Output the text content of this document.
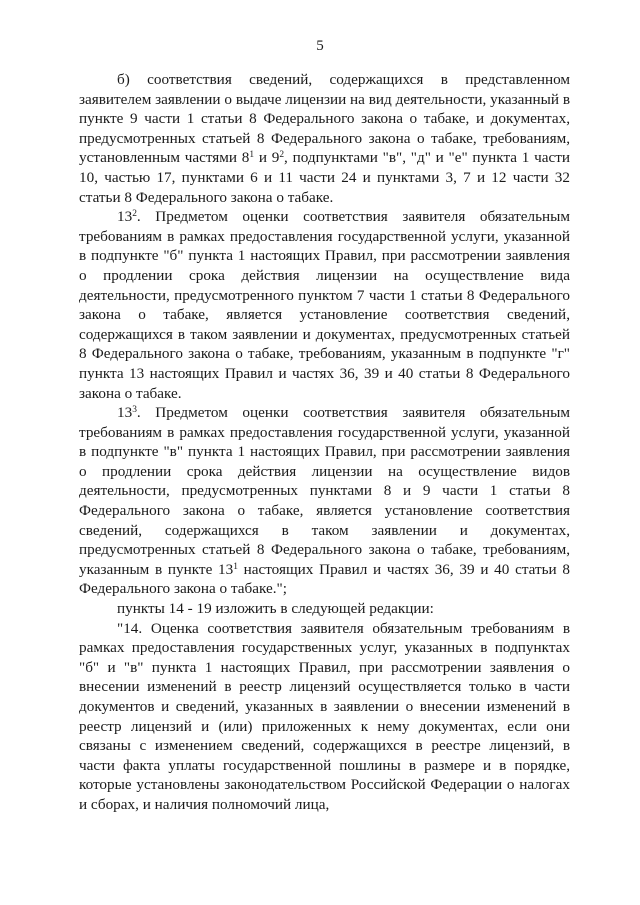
5

б) соответствия сведений, содержащихся в представленном заявителем заявлении о выдаче лицензии на вид деятельности, указанный в пункте 9 части 1 статьи 8 Федерального закона о табаке, и документах, предусмотренных статьей 8 Федерального закона о табаке, требованиям, установленным частями $8^1$ и $9^2$, подпунктами "в", "д" и "е" пункта 1 части 10, частью 17, пунктами 6 и 11 части 24 и пунктами 3, 7 и 12 части 32 статьи 8 Федерального закона о табаке.

$13^2$. Предметом оценки соответствия заявителя обязательным требованиям в рамках предоставления государственной услуги, указанной в подпункте "б" пункта 1 настоящих Правил, при рассмотрении заявления о продлении срока действия лицензии на осуществление вида деятельности, предусмотренного пунктом 7 части 1 статьи 8 Федерального закона о табаке, является установление соответствия сведений, содержащихся в таком заявлении и документах, предусмотренных статьей 8 Федерального закона о табаке, требованиям, указанным в подпункте "г" пункта 13 настоящих Правил и частях 36, 39 и 40 статьи 8 Федерального закона о табаке.

$13^3$. Предметом оценки соответствия заявителя обязательным требованиям в рамках предоставления государственной услуги, указанной в подпункте "в" пункта 1 настоящих Правил, при рассмотрении заявления о продлении срока действия лицензии на осуществление видов деятельности, предусмотренных пунктами 8 и 9 части 1 статьи 8 Федерального закона о табаке, является установление соответствия сведений, содержащихся в таком заявлении и документах, предусмотренных статьей 8 Федерального закона о табаке, требованиям, указанным в пункте $13^1$ настоящих Правил и частях 36, 39 и 40 статьи 8 Федерального закона о табаке.";

пункты 14 - 19 изложить в следующей редакции:

"14. Оценка соответствия заявителя обязательным требованиям в рамках предоставления государственных услуг, указанных в подпунктах "б" и "в" пункта 1 настоящих Правил, при рассмотрении заявления о внесении изменений в реестр лицензий осуществляется только в части документов и сведений, указанных в заявлении о внесении изменений в реестр лицензий и (или) приложенных к нему документах, если они связаны с изменением сведений, содержащихся в реестре лицензий, в части факта уплаты государственной пошлины в размере и в порядке, которые установлены законодательством Российской Федерации о налогах и сборах, и наличия полномочий лица,
